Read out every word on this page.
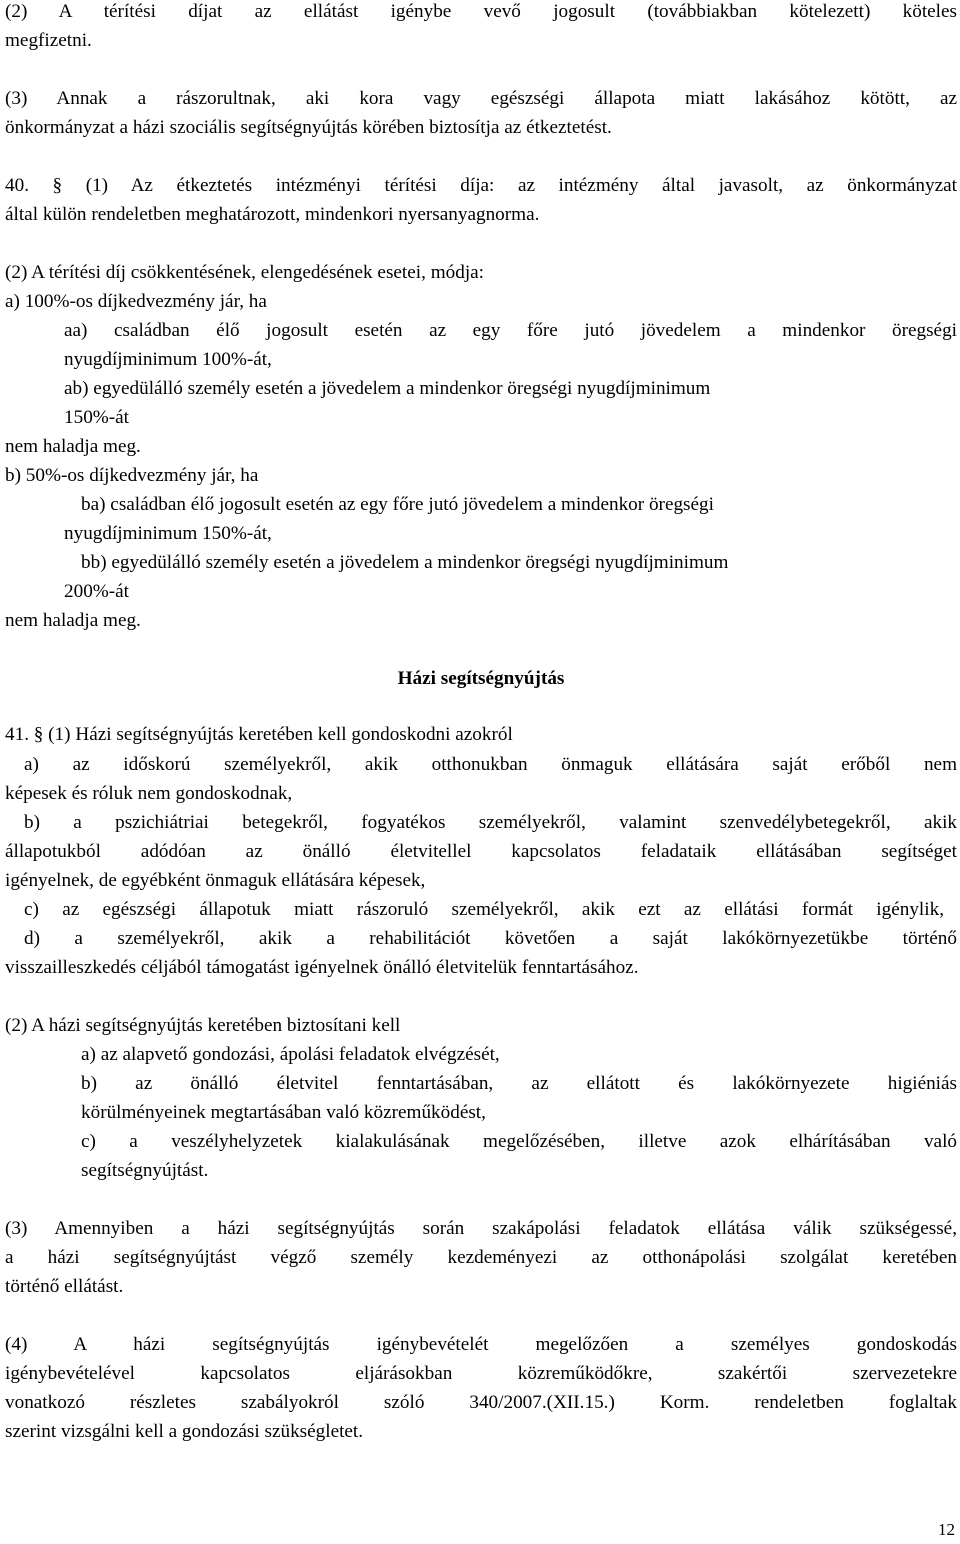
(2) A térítési díjat az ellátást igénybe vevő jogosult (továbbiakban kötelezett) köteles
megfizetni.
(3) Annak a rászorultnak, aki kora vagy egészségi állapota miatt lakásához kötött, az
önkormányzat a házi szociális segítségnyújtás körében biztosítja az étkeztetést.
40. § (1) Az étkeztetés intézményi térítési díja: az intézmény által javasolt, az önkormányzat
által külön rendeletben meghatározott, mindenkori nyersanyagnorma.
(2) A térítési díj csökkentésének, elengedésének esetei, módja:
a) 100%-os díjkedvezmény jár, ha
aa) családban élő jogosult esetén az egy főre jutó jövedelem a mindenkor öregségi
nyugdíjminimum 100%-át,
ab) egyedülálló személy esetén a jövedelem a mindenkor öregségi nyugdíjminimum
150%-át
nem haladja meg.
b) 50%-os díjkedvezmény jár, ha
ba) családban élő jogosult esetén az egy főre jutó jövedelem a mindenkor öregségi
nyugdíjminimum 150%-át,
bb) egyedülálló személy esetén a jövedelem a mindenkor öregségi nyugdíjminimum
200%-át
nem haladja meg.
Házi segítségnyújtás
41. § (1) Házi segítségnyújtás keretében kell gondoskodni azokról
a) az időskorú személyekről, akik otthonukban önmaguk ellátására saját erőből nem
képesek és róluk nem gondoskodnak,
b) a pszichiátriai betegekről, fogyatékos személyekről, valamint szenvedélybetegekről, akik
állapotukból adódóan az önálló életvitellel kapcsolatos feladataik ellátásában segítséget
igényelnek, de egyébként önmaguk ellátására képesek,
c) az egészségi állapotuk miatt rászoruló személyekről, akik ezt az ellátási formát igénylik,
d) a személyekről, akik a rehabilitációt követően a saját lakókörnyezetükbe történő
visszailleszkedés céljából támogatást igényelnek önálló életvitelük fenntartásához.
(2) A házi segítségnyújtás keretében biztosítani kell
a) az alapvető gondozási, ápolási feladatok elvégzését,
b) az önálló életvitel fenntartásában, az ellátott és lakókörnyezete higiéniás
körülményeinek megtartásában való közreműködést,
c) a veszélyhelyzetek kialakulásának megelőzésében, illetve azok elhárításában való
segítségnyújtást.
(3) Amennyiben a házi segítségnyújtás során szakápolási feladatok ellátása válik szükségessé,
a házi segítségnyújtást végző személy kezdeményezi az otthonápolási szolgálat keretében
történő ellátást.
(4) A házi segítségnyújtás igénybevételét megelőzően a személyes gondoskodás
igénybevételével kapcsolatos eljárásokban közreműködőkre, szakértői szervezetekre
vonatkozó részletes szabályokról szóló 340/2007.(XII.15.) Korm. rendeletben foglaltak
szerint vizsgálni kell a gondozási szükségletet.
12
